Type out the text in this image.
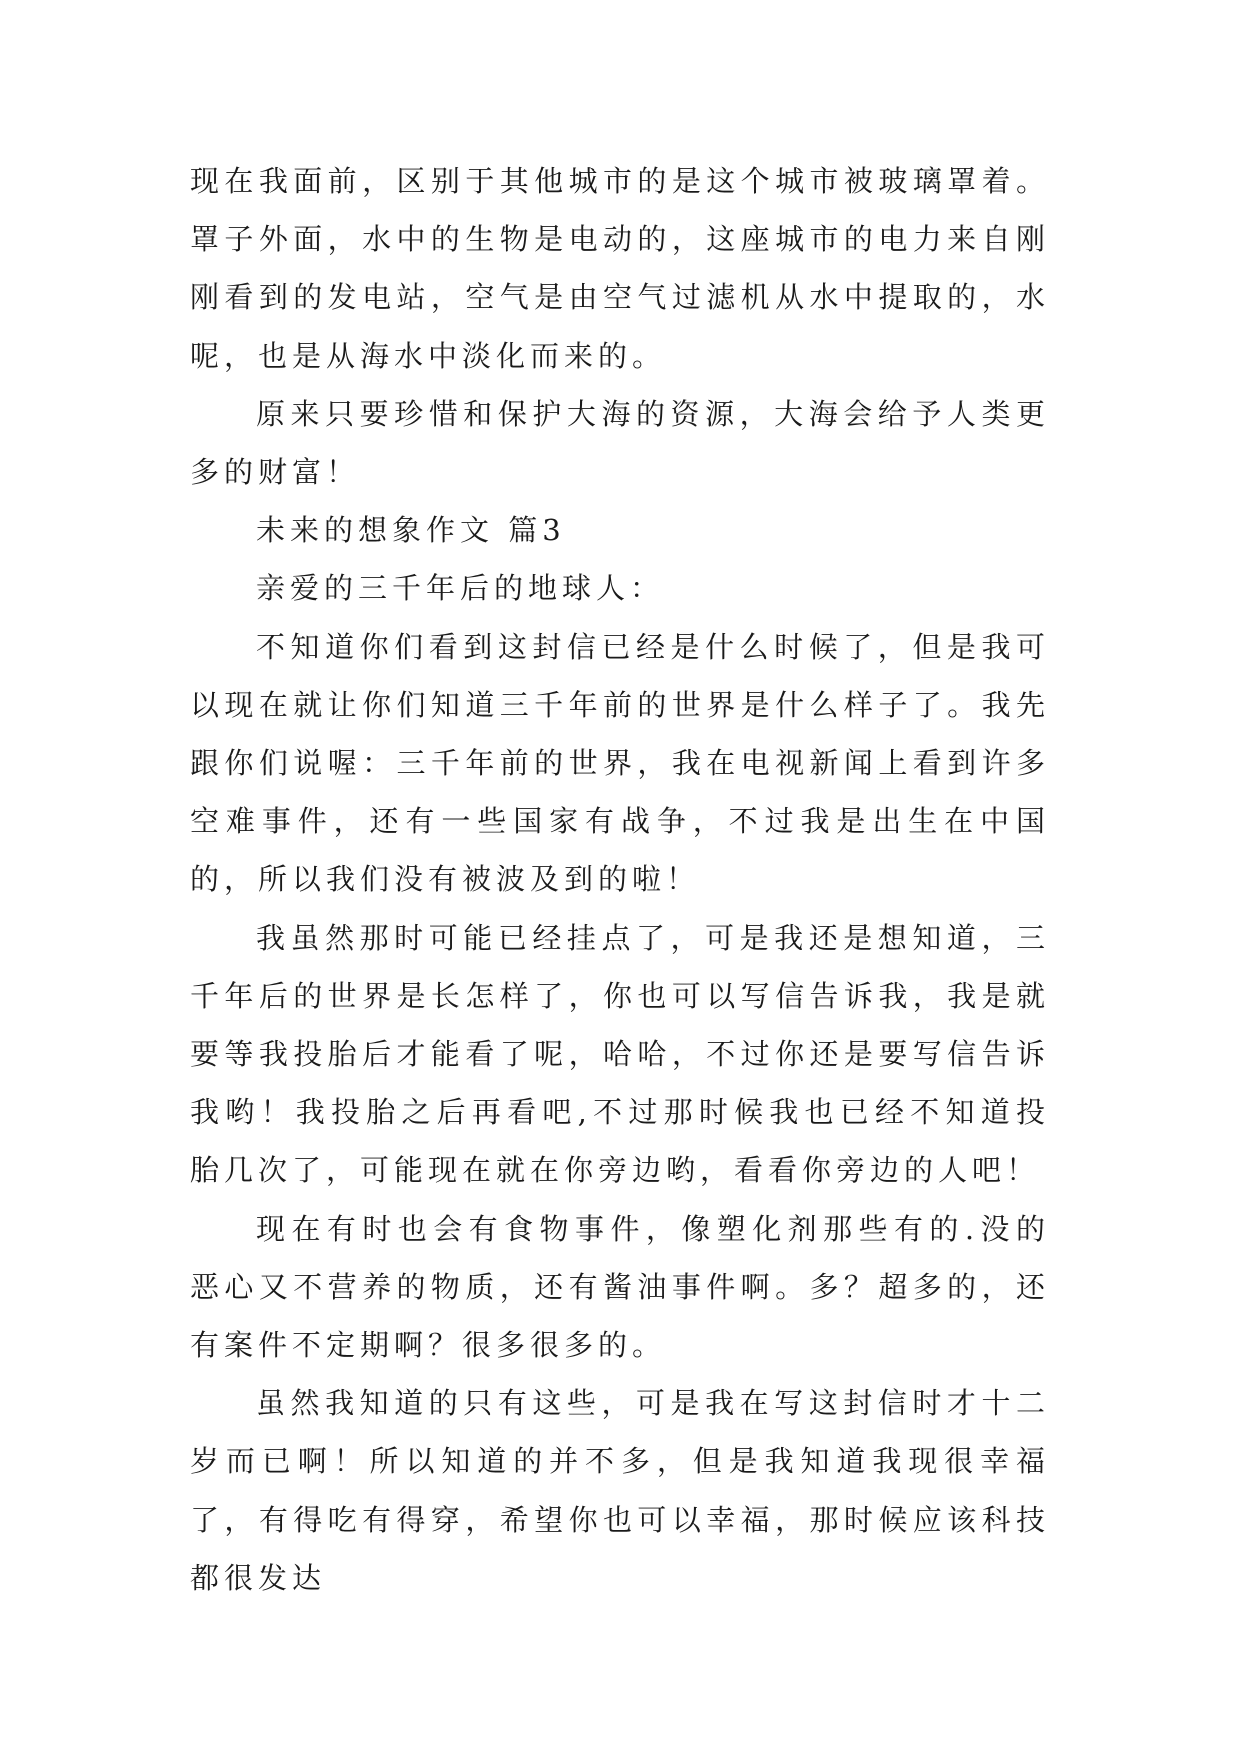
现在我面前，区别于其他城市的是这个城市被玻璃罩着。罩子外面，水中的生物是电动的，这座城市的电力来自刚刚看到的发电站，空气是由空气过滤机从水中提取的，水呢，也是从海水中淡化而来的。

原来只要珍惜和保护大海的资源，大海会给予人类更多的财富！

未来的想象作文 篇3

亲爱的三千年后的地球人：

不知道你们看到这封信已经是什么时候了，但是我可以现在就让你们知道三千年前的世界是什么样子了。我先跟你们说喔：三千年前的世界，我在电视新闻上看到许多空难事件，还有一些国家有战争，不过我是出生在中国的，所以我们没有被波及到的啦！

我虽然那时可能已经挂点了，可是我还是想知道，三千年后的世界是长怎样了，你也可以写信告诉我，我是就要等我投胎后才能看了呢，哈哈，不过你还是要写信告诉我哟！我投胎之后再看吧,不过那时候我也已经不知道投胎几次了，可能现在就在你旁边哟，看看你旁边的人吧！

现在有时也会有食物事件，像塑化剂那些有的.没的恶心又不营养的物质，还有酱油事件啊。多？超多的，还有案件不定期啊？很多很多的。

虽然我知道的只有这些，可是我在写这封信时才十二岁而已啊！所以知道的并不多，但是我知道我现很幸福了，有得吃有得穿，希望你也可以幸福，那时候应该科技都很发达
